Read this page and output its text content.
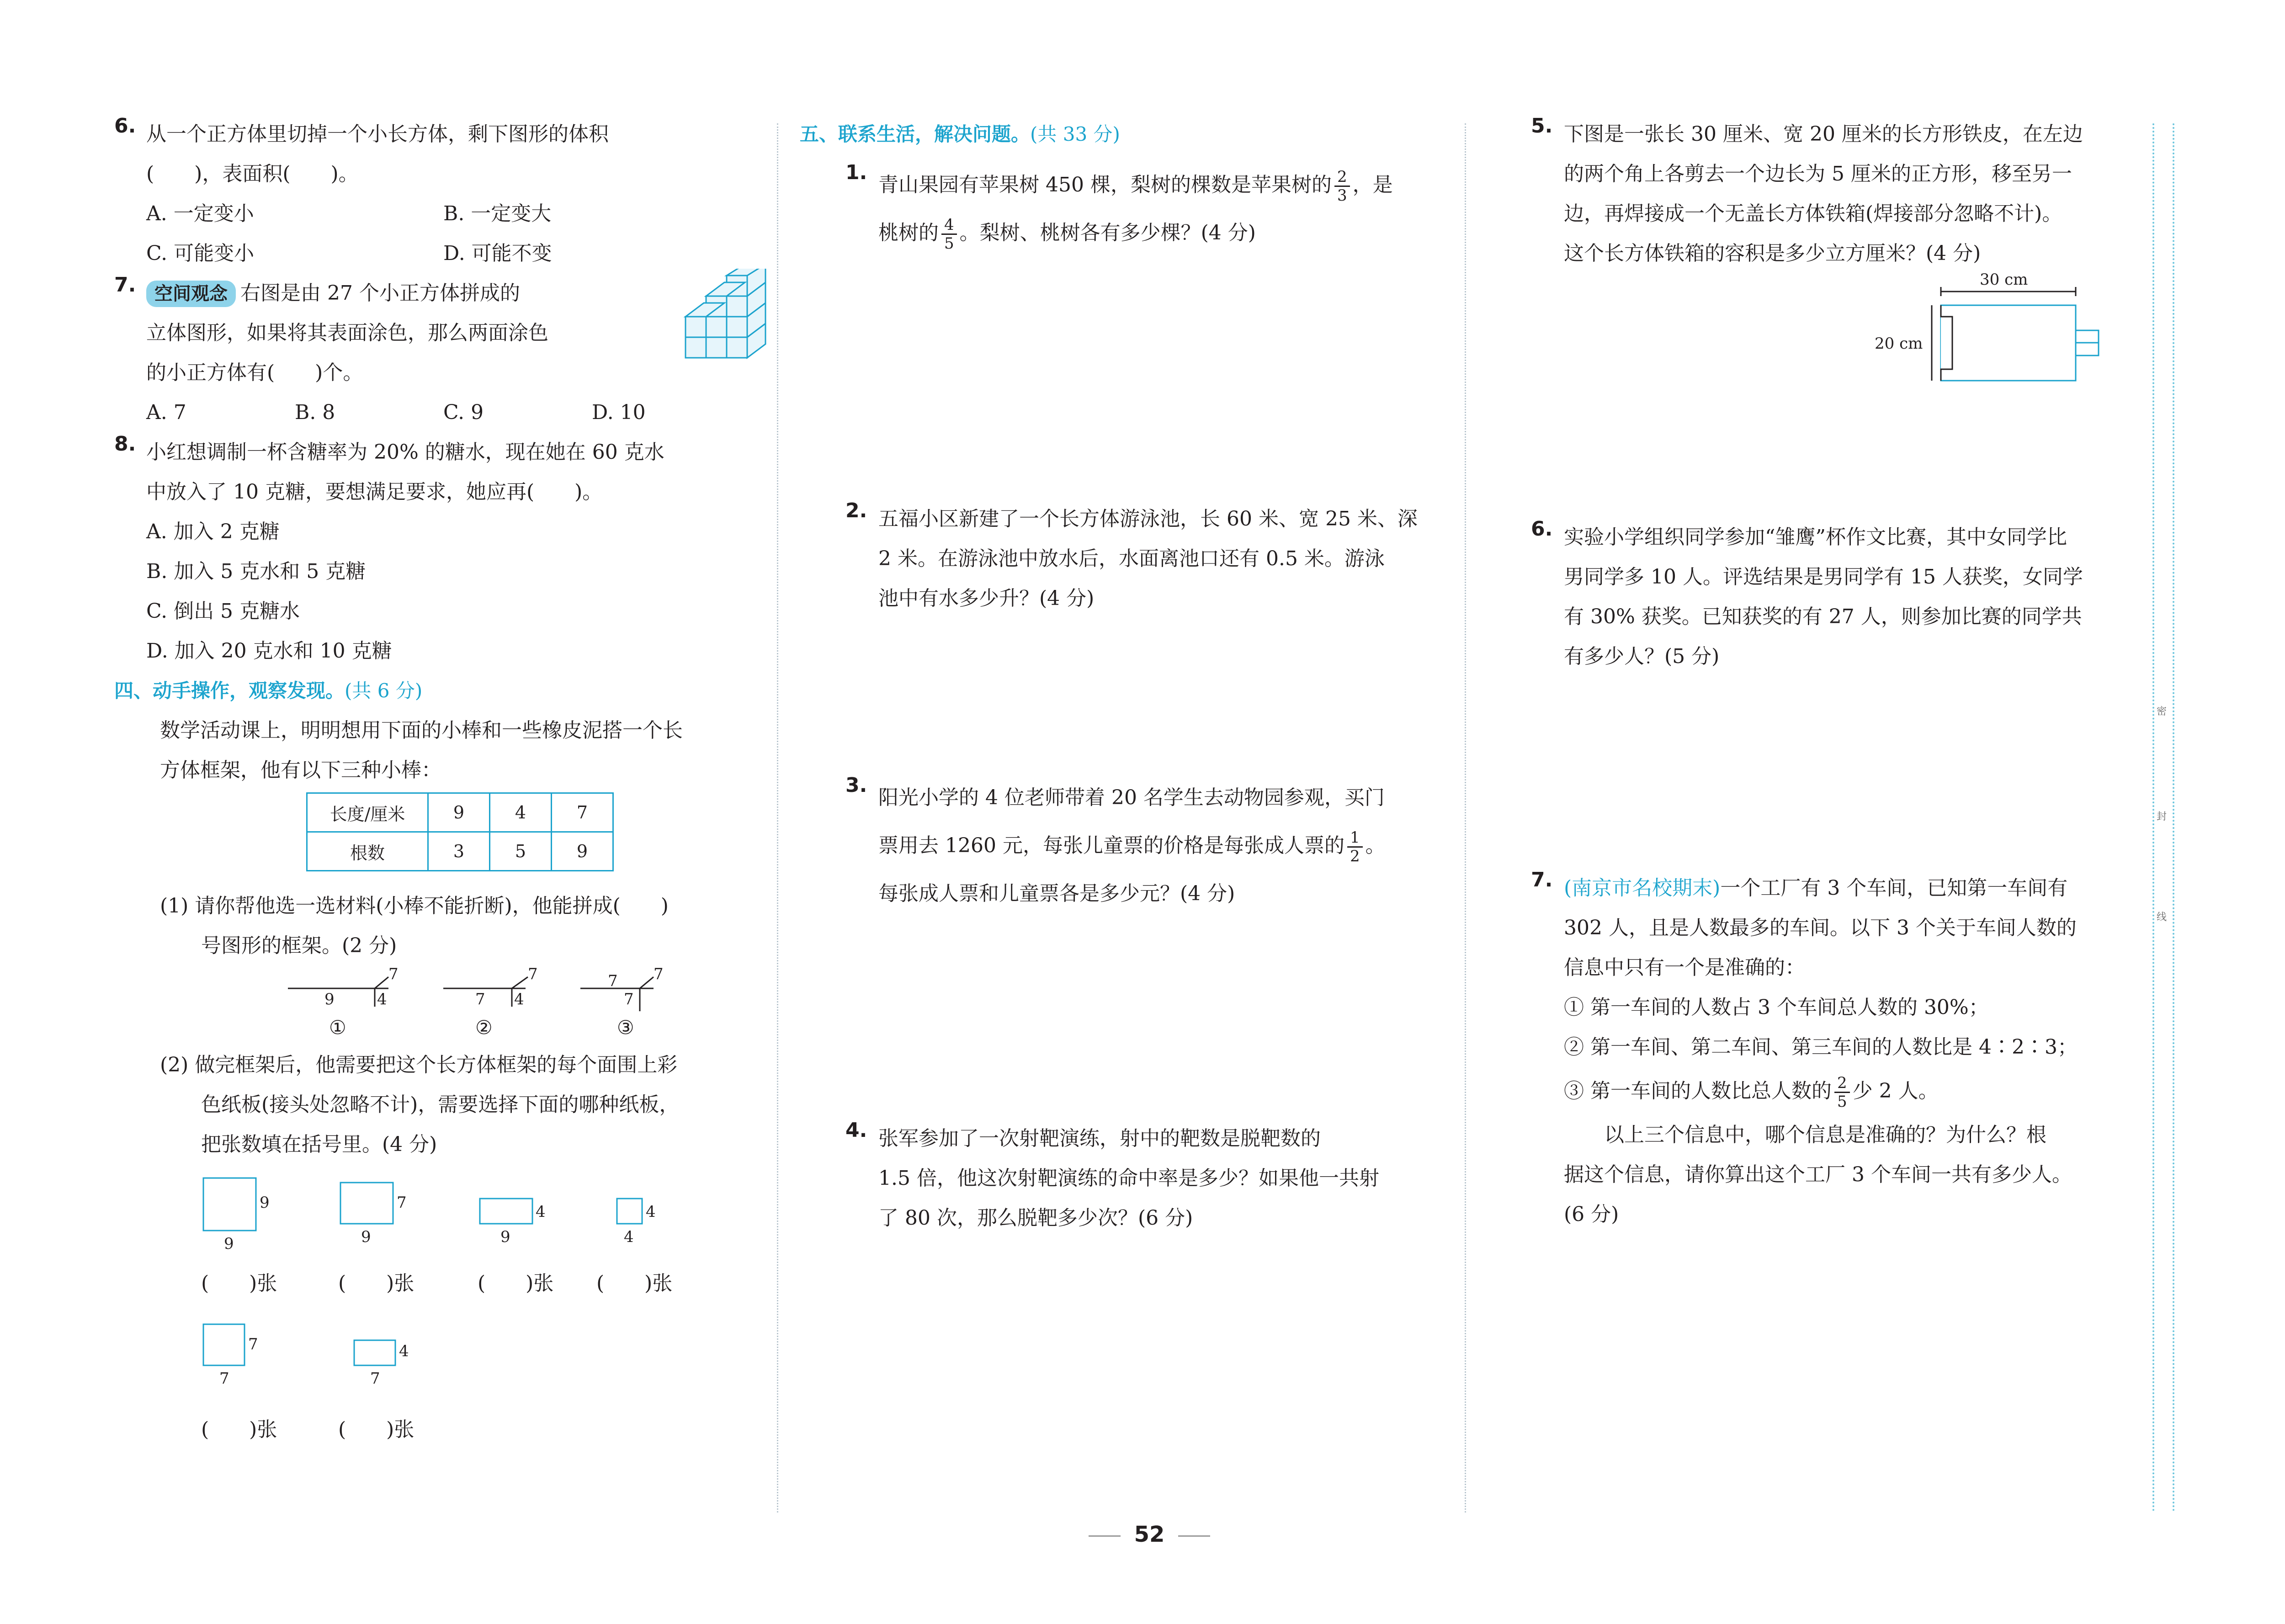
密
封
线
6. 从一个正方体里切掉一个小长方体，剩下图形的体积

(　　)，表面积(　　)。

A. 一定变小	B. 一定变大
C. 可能变小	D. 可能不变
7.	空间观念 右图是由 27 个小正方体拼成的

立体图形，如果将其表面涂色，那么两面涂色

的小正方体有(　　)个。

A. 7	B. 8	C. 9	D. 10
8. 小红想调制一杯含糖率为 20% 的糖水，现在她在 60 克水

中放入了 10 克糖，要想满足要求，她应再(　　)。

A. 加入 2 克糖

B. 加入 5 克水和 5 克糖

C. 倒出 5 克糖水

D. 加入 20 克水和 10 克糖

四、动手操作，观察发现。(共 6 分)

数学活动课上，明明想用下面的小棒和一些橡皮泥搭一个长

方体框架，他有以下三种小棒：

长度/厘米	9	4	7
根数	3	5	9

(1) 请你帮他选一选材料(小棒不能折断)，他能拼成(　　)

号图形的框架。(2 分)

9	4
7
7 4
7	7
7
7
①	②	③

(2) 做完框架后，他需要把这个长方体框架的每个面围上彩

色纸板(接头处忽略不计)，需要选择下面的哪种纸板，

把张数填在括号里。(4 分)

9
9
7
9
4
9
4
4
7
7
4
7
(　　)张	(　　)张	(　　)张 (　　)张
(　　)张	(　　)张
五、联系生活，解决问题。(共 33 分)
1.

青山果园有苹果树 450 棵，梨树的棵数是苹果树的 $\frac{2}{3}$ ，是

桃树的 $\frac{4}{5}$ 。梨树、桃树各有多少棵？(4 分)

2. 五福小区新建了一个长方体游泳池，长 60 米、宽 25 米、深

2 米。在游泳池中放水后，水面离池口还有 0.5 米。游泳

池中有水多少升？(4 分)

3.

阳光小学的 4 位老师带着 20 名学生去动物园参观，买门

票用去 1260 元，每张儿童票的价格是每张成人票的 $\frac{1}{2}$ 。

每张成人票和儿童票各是多少元？(4 分)

4. 张军参加了一次射靶演练，射中的靶数是脱靶数的

1.5 倍，他这次射靶演练的命中率是多少？如果他一共射

了 80 次，那么脱靶多少次？(6 分)

5. 下图是一张长 30 厘米、宽 20 厘米的长方形铁皮，在左边

的两个角上各剪去一个边长为 5 厘米的正方形，移至另一

边，再焊接成一个无盖长方体铁箱(焊接部分忽略不计)。

这个长方体铁箱的容积是多少立方厘米？(4 分)

30 cm
20 cm
6. 实验小学组织同学参加“雏鹰”杯作文比赛，其中女同学比

男同学多 10 人。评选结果是男同学有 15 人获奖，女同学

有 30% 获奖。已知获奖的有 27 人，则参加比赛的同学共

有多少人？(5 分)

7. (南京市名校期末)一个工厂有 3 个车间，已知第一车间有

302 人，且是人数最多的车间。以下 3 个关于车间人数的

信息中只有一个是准确的：

① 第一车间的人数占 3 个车间总人数的 30%；

② 第一车间、第二车间、第三车间的人数比是 4∶2∶3；

③ 第一车间的人数比总人数的 $\frac{2}{5}$ 少 2 人。

以上三个信息中，哪个信息是准确的？为什么？根

据这个信息，请你算出这个工厂 3 个车间一共有多少人。

(6 分)

52
